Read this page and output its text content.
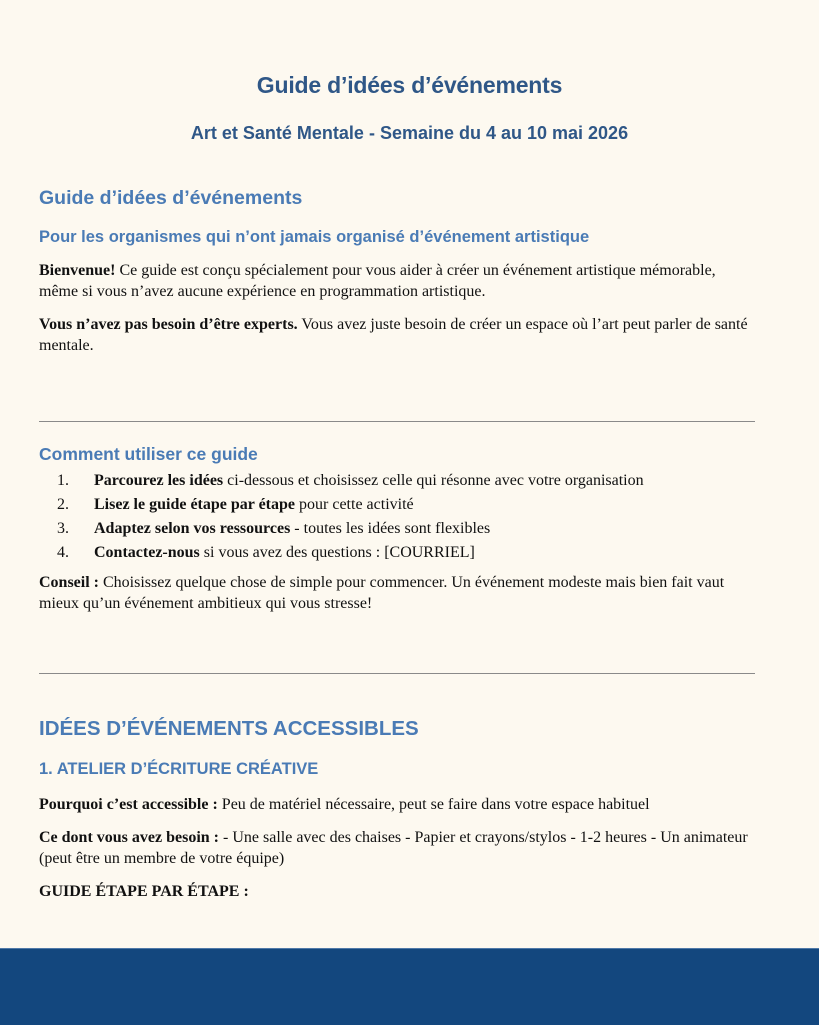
Guide d’idées d’événements
Art et Santé Mentale - Semaine du 4 au 10 mai 2026
Guide d’idées d’événements
Pour les organismes qui n’ont jamais organisé d’événement artistique

Bienvenue! Ce guide est conçu spécialement pour vous aider à créer un événement artistique mémorable, même si vous n’avez aucune expérience en programmation artistique.

Vous n’avez pas besoin d’être experts. Vous avez juste besoin de créer un espace où l’art peut parler de santé mentale.

Comment utiliser ce guide
1. Parcourez les idées ci-dessous et choisissez celle qui résonne avec votre organisation
2. Lisez le guide étape par étape pour cette activité
3. Adaptez selon vos ressources - toutes les idées sont flexibles
4. Contactez-nous si vous avez des questions : [COURRIEL]

Conseil : Choisissez quelque chose de simple pour commencer. Un événement modeste mais bien fait vaut mieux qu’un événement ambitieux qui vous stresse!

IDÉES D’ÉVÉNEMENTS ACCESSIBLES
1. ATELIER D’ÉCRITURE CRÉATIVE

Pourquoi c’est accessible : Peu de matériel nécessaire, peut se faire dans votre espace habituel

Ce dont vous avez besoin : - Une salle avec des chaises - Papier et crayons/stylos - 1-2 heures - Un animateur (peut être un membre de votre équipe)

GUIDE ÉTAPE PAR ÉTAPE :
